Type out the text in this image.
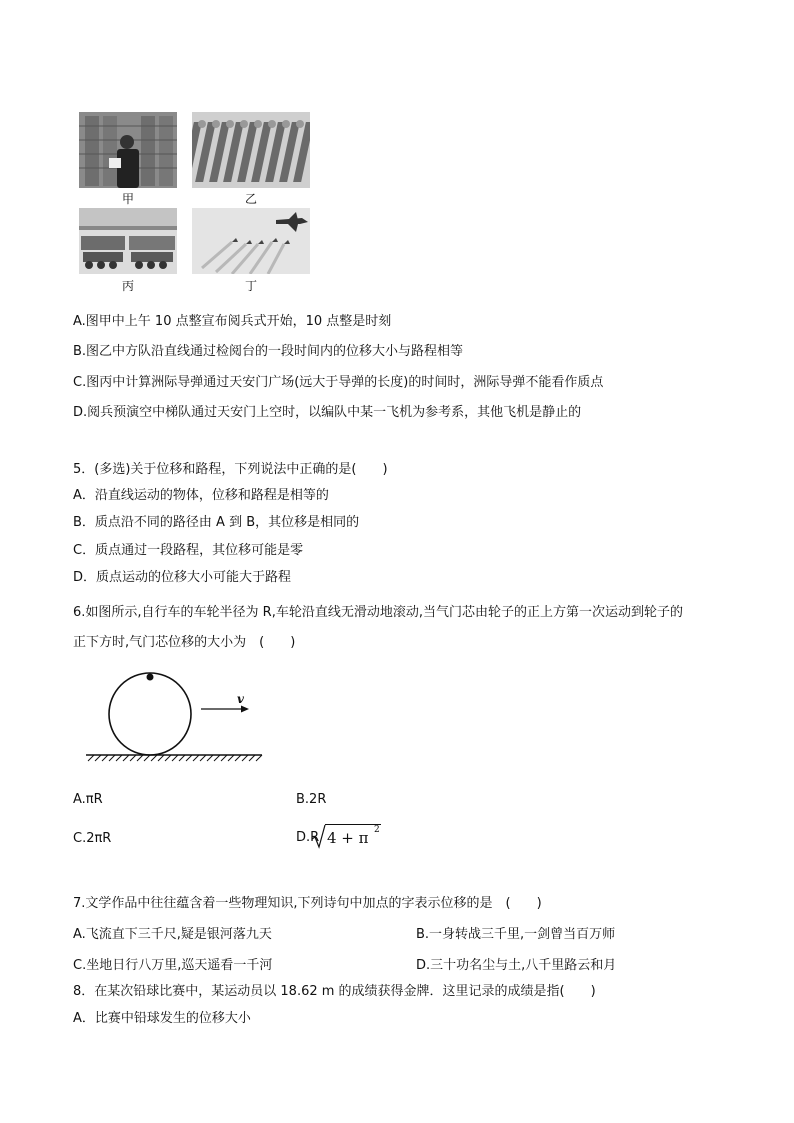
甲	乙
丙	丁
A.图甲中上午 10 点整宣布阅兵式开始，10 点整是时刻
B.图乙中方队沿直线通过检阅台的一段时间内的位移大小与路程相等
C.图丙中计算洲际导弹通过天安门广场(远大于导弹的长度)的时间时，洲际导弹不能看作质点
D.阅兵预演空中梯队通过天安门上空时，以编队中某一飞机为参考系，其他飞机是静止的
5．(多选)关于位移和路程，下列说法中正确的是(　　)
A．沿直线运动的物体，位移和路程是相等的
B．质点沿不同的路径由 A 到 B，其位移是相同的
C．质点通过一段路程，其位移可能是零
D．质点运动的位移大小可能大于路程
6.如图所示,自行车的车轮半径为 R,车轮沿直线无滑动地滚动,当气门芯由轮子的正上方第一次运动到轮子的
正下方时,气门芯位移的大小为　(　　)
v
A.πR	B.2R
C.2πR	D.R 4 + π 2
7.文学作品中往往蕴含着一些物理知识,下列诗句中加点的字表示位移的是　(　　)
A.飞流直下三千尺,疑是银河落九天	B.一身转战三千里,一剑曾当百万师
C.坐地日行八万里,巡天遥看一千河	D.三十功名尘与土,八千里路云和月
8．在某次铅球比赛中，某运动员以 18.62 m 的成绩获得金牌．这里记录的成绩是指(　　)
A．比赛中铅球发生的位移大小
